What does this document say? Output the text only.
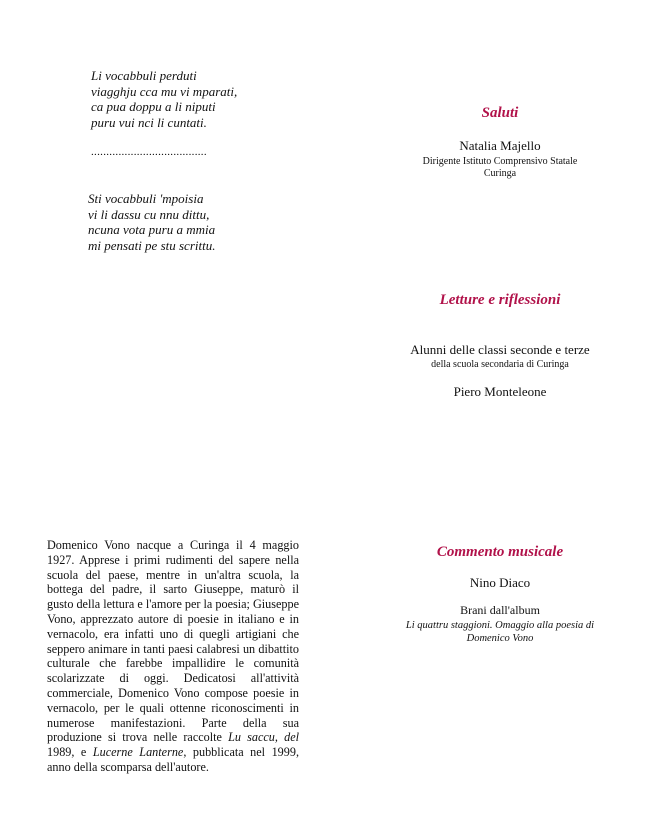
Li vocabbuli perduti
viagghju cca mu vi mparati,
ca pua doppu a li niputi
puru vui nci li cuntati.
......................................
Sti vocabbuli 'mpoisia
vi li dassu cu nnu dittu,
ncuna vota puru a mmia
mi pensati pe stu scrittu.
Domenico Vono nacque a Curinga il 4 maggio 1927. Apprese i primi rudimenti del sapere nella scuola del paese, mentre in un'altra scuola, la bottega del padre, il sarto Giuseppe, maturò il gusto della lettura e l'amore per la poesia; Giuseppe Vono, apprezzato autore di poesie in italiano e in vernacolo, era infatti uno di quegli artigiani che seppero animare in tanti paesi calabresi un dibattito culturale che farebbe impallidire le comunità scolarizzate di oggi. Dedicatosi all'attività commerciale, Domenico Vono compose poesie in vernacolo, per le quali ottenne riconoscimenti in numerose manifestazioni. Parte della sua produzione si trova nelle raccolte Lu saccu, del 1989, e Lucerne Lanterne, pubblicata nel 1999, anno della scomparsa dell'autore.
Saluti
Natalia Majello
Dirigente Istituto Comprensivo Statale
Curinga
Letture e riflessioni
Alunni delle classi seconde e terze
della scuola secondaria di Curinga
Piero Monteleone
Commento musicale
Nino Diaco
Brani dall'album
Li quattru staggioni. Omaggio alla poesia di
Domenico Vono
